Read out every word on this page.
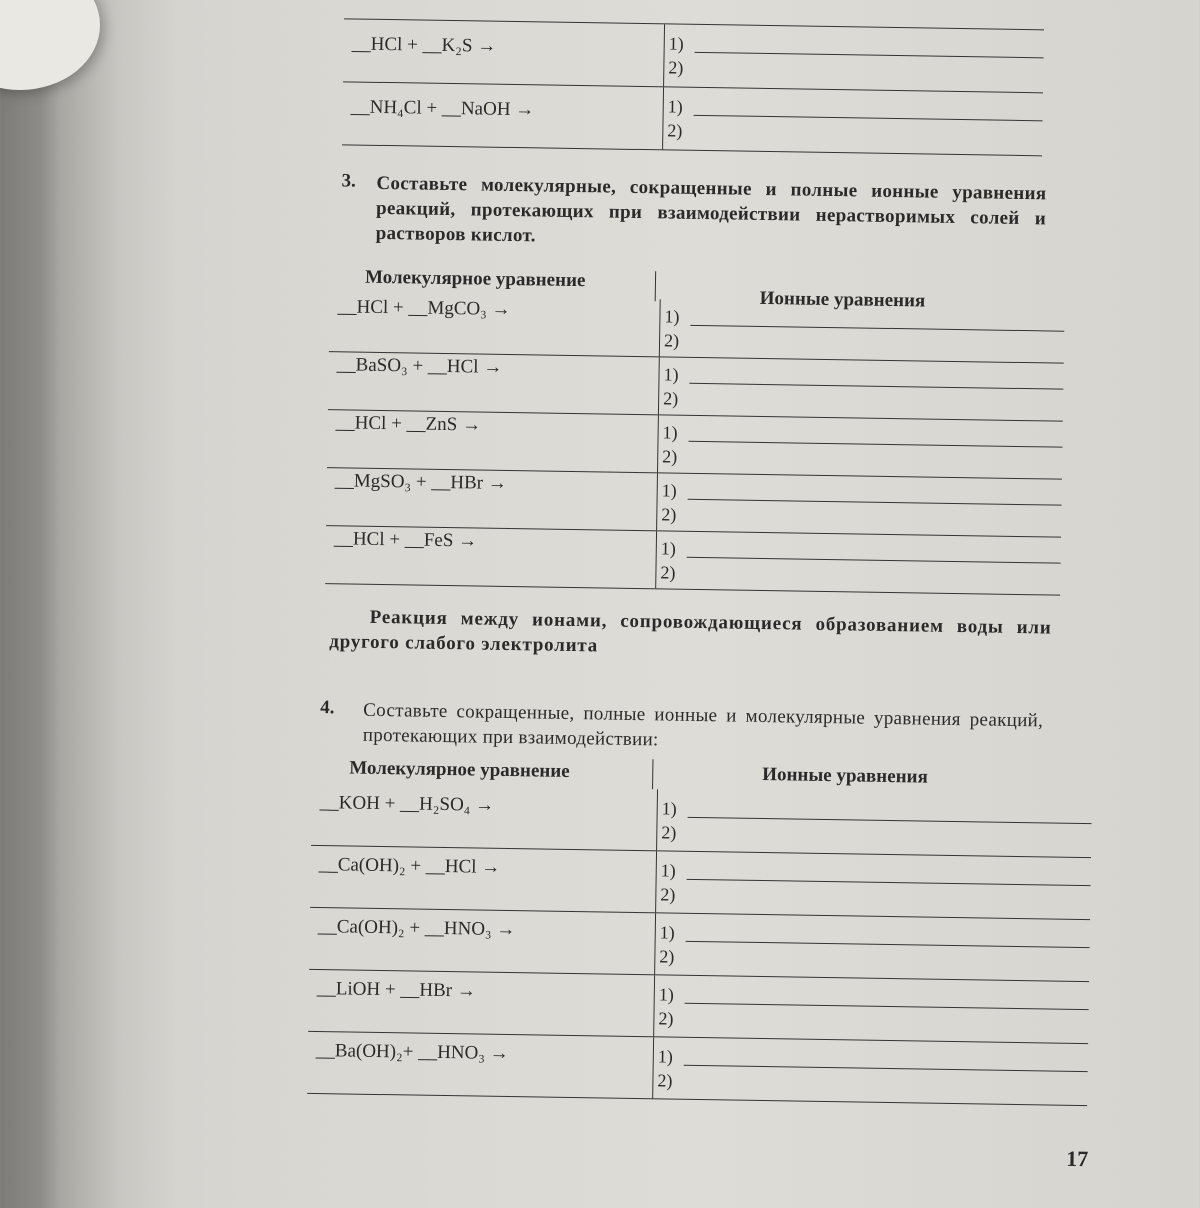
__HCl + __K₂S →	1)
2)
__NH₄Cl + __NaOH →	1)
2)
3. Составьте молекулярные, сокращенные и полные ионные уравнения реакций, протекающих при взаимодействии нерастворимых солей и растворов кислот.
Молекулярное уравнение
Ионные уравнения
__HCl + __MgCO₃ →	1)
2)
__BaSO₃ + __HCl →	1)
2)
__HCl + __ZnS →	1)
2)
__MgSO₃ + __HBr →	1)
2)
__HCl + __FeS →	1)
2)
Реакция между ионами, сопровождающиеся образованием воды или другого слабого электролита
4. Составьте сокращенные, полные ионные и молекулярные уравнения реакций, протекающих при взаимодействии:
Молекулярное уравнение	Ионные уравнения
__KOH + __H₂SO₄ →	1)
2)
__Ca(OH)₂ + __HCl →	1)
2)
__Ca(OH)₂ + __HNO₃ →	1)
2)
__LiOH + __HBr →	1)
2)
__Ba(OH)₂+ __HNO₃ →	1)
2)
17
